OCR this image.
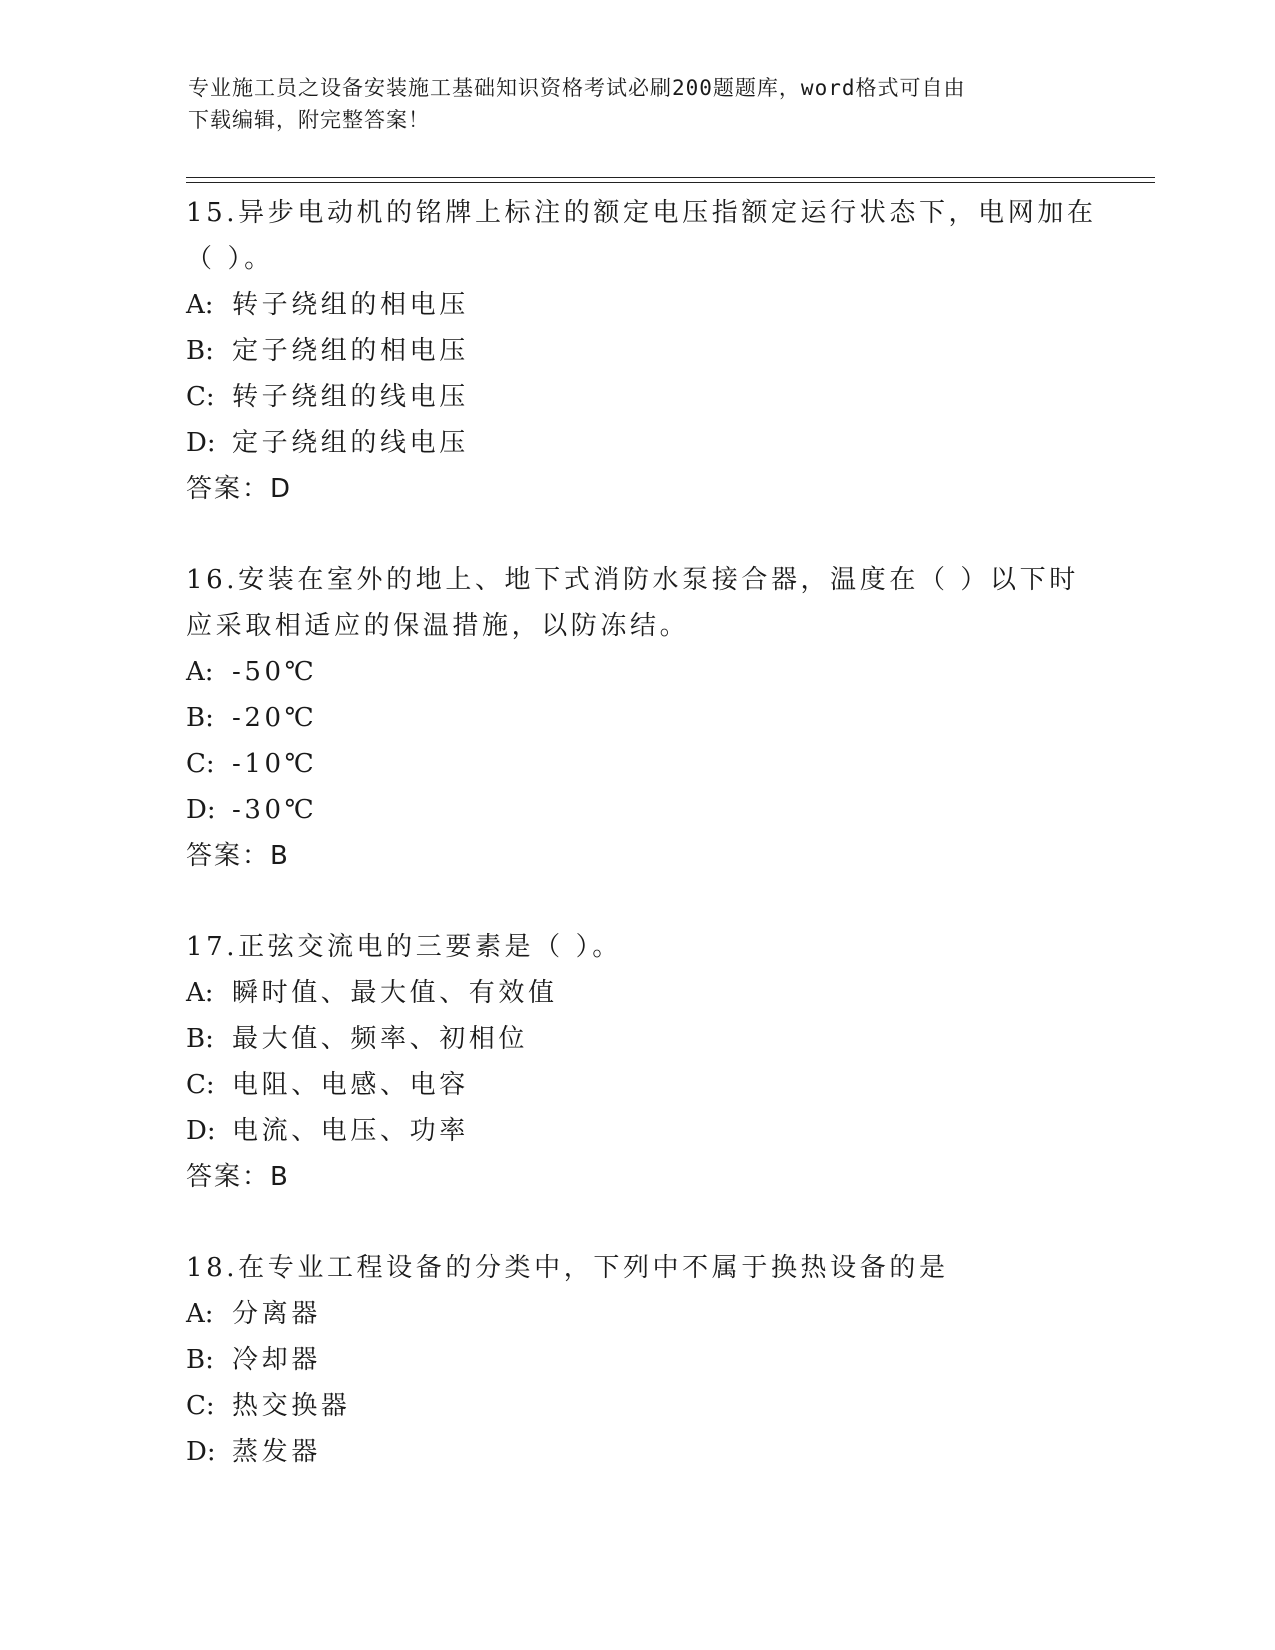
专业施工员之设备安装施工基础知识资格考试必刷200题题库，word格式可自由
下载编辑，附完整答案！
15.异步电动机的铭牌上标注的额定电压指额定运行状态下，电网加在
（ ）。
A: 转子绕组的相电压
B: 定子绕组的相电压
C: 转子绕组的线电压
D: 定子绕组的线电压
答案：D
16.安装在室外的地上、地下式消防水泵接合器，温度在（ ）以下时
应采取相适应的保温措施，以防冻结。
A: -50℃
B: -20℃
C: -10℃
D: -30℃
答案：B
17.正弦交流电的三要素是（ ）。
A: 瞬时值、最大值、有效值
B: 最大值、频率、初相位
C: 电阻、电感、电容
D: 电流、电压、功率
答案：B
18.在专业工程设备的分类中，下列中不属于换热设备的是
A: 分离器
B: 冷却器
C: 热交换器
D: 蒸发器
